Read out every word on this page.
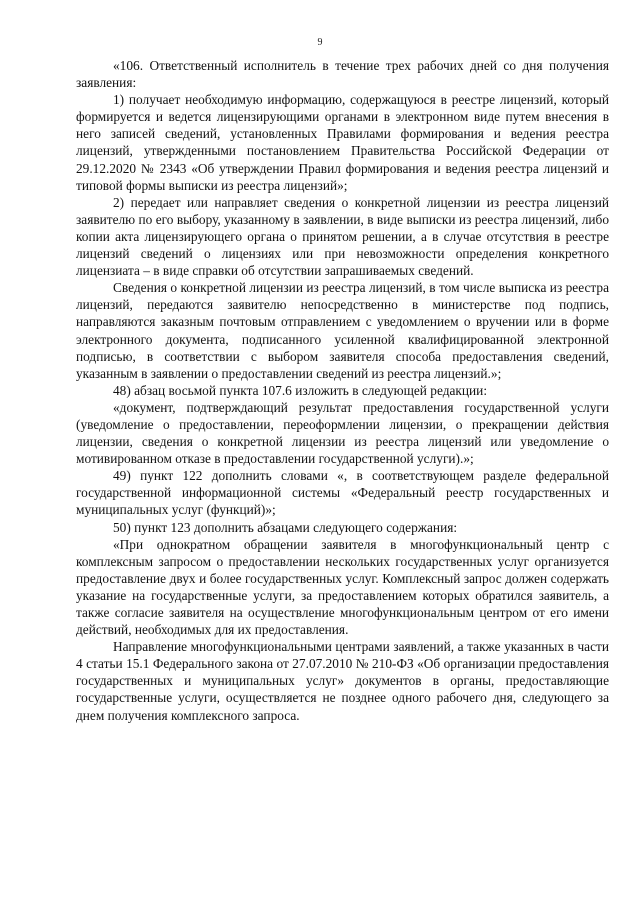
9

«106. Ответственный исполнитель в течение трех рабочих дней со дня получения заявления:

1) получает необходимую информацию, содержащуюся в реестре лицензий, который формируется и ведется лицензирующими органами в электронном виде путем внесения в него записей сведений, установленных Правилами формирования и ведения реестра лицензий, утвержденными постановлением Правительства Российской Федерации от 29.12.2020 № 2343 «Об утверждении Правил формирования и ведения реестра лицензий и типовой формы выписки из реестра лицензий»;

2) передает или направляет сведения о конкретной лицензии из реестра лицензий заявителю по его выбору, указанному в заявлении, в виде выписки из реестра лицензий, либо копии акта лицензирующего органа о принятом решении, а в случае отсутствия в реестре лицензий сведений о лицензиях или при невозможности определения конкретного лицензиата – в виде справки об отсутствии запрашиваемых сведений.

Сведения о конкретной лицензии из реестра лицензий, в том числе выписка из реестра лицензий, передаются заявителю непосредственно в министерстве под подпись, направляются заказным почтовым отправлением с уведомлением о вручении или в форме электронного документа, подписанного усиленной квалифицированной электронной подписью, в соответствии с выбором заявителя способа предоставления сведений, указанным в заявлении о предоставлении сведений из реестра лицензий.»;

48) абзац восьмой пункта 107.6 изложить в следующей редакции:

«документ, подтверждающий результат предоставления государственной услуги (уведомление о предоставлении, переоформлении лицензии, о прекращении действия лицензии, сведения о конкретной лицензии из реестра лицензий или уведомление о мотивированном отказе в предоставлении государственной услуги).»;

49) пункт 122 дополнить словами «, в соответствующем разделе федеральной государственной информационной системы «Федеральный реестр государственных и муниципальных услуг (функций)»;

50) пункт 123 дополнить абзацами следующего содержания:

«При однократном обращении заявителя в многофункциональный центр с комплексным запросом о предоставлении нескольких государственных услуг организуется предоставление двух и более государственных услуг. Комплексный запрос должен содержать указание на государственные услуги, за предоставлением которых обратился заявитель, а также согласие заявителя на осуществление многофункциональным центром от его имени действий, необходимых для их предоставления.

Направление многофункциональными центрами заявлений, а также указанных в части 4 статьи 15.1 Федерального закона от 27.07.2010 № 210-ФЗ «Об организации предоставления государственных и муниципальных услуг» документов в органы, предоставляющие государственные услуги, осуществляется не позднее одного рабочего дня, следующего за днем получения комплексного запроса.
